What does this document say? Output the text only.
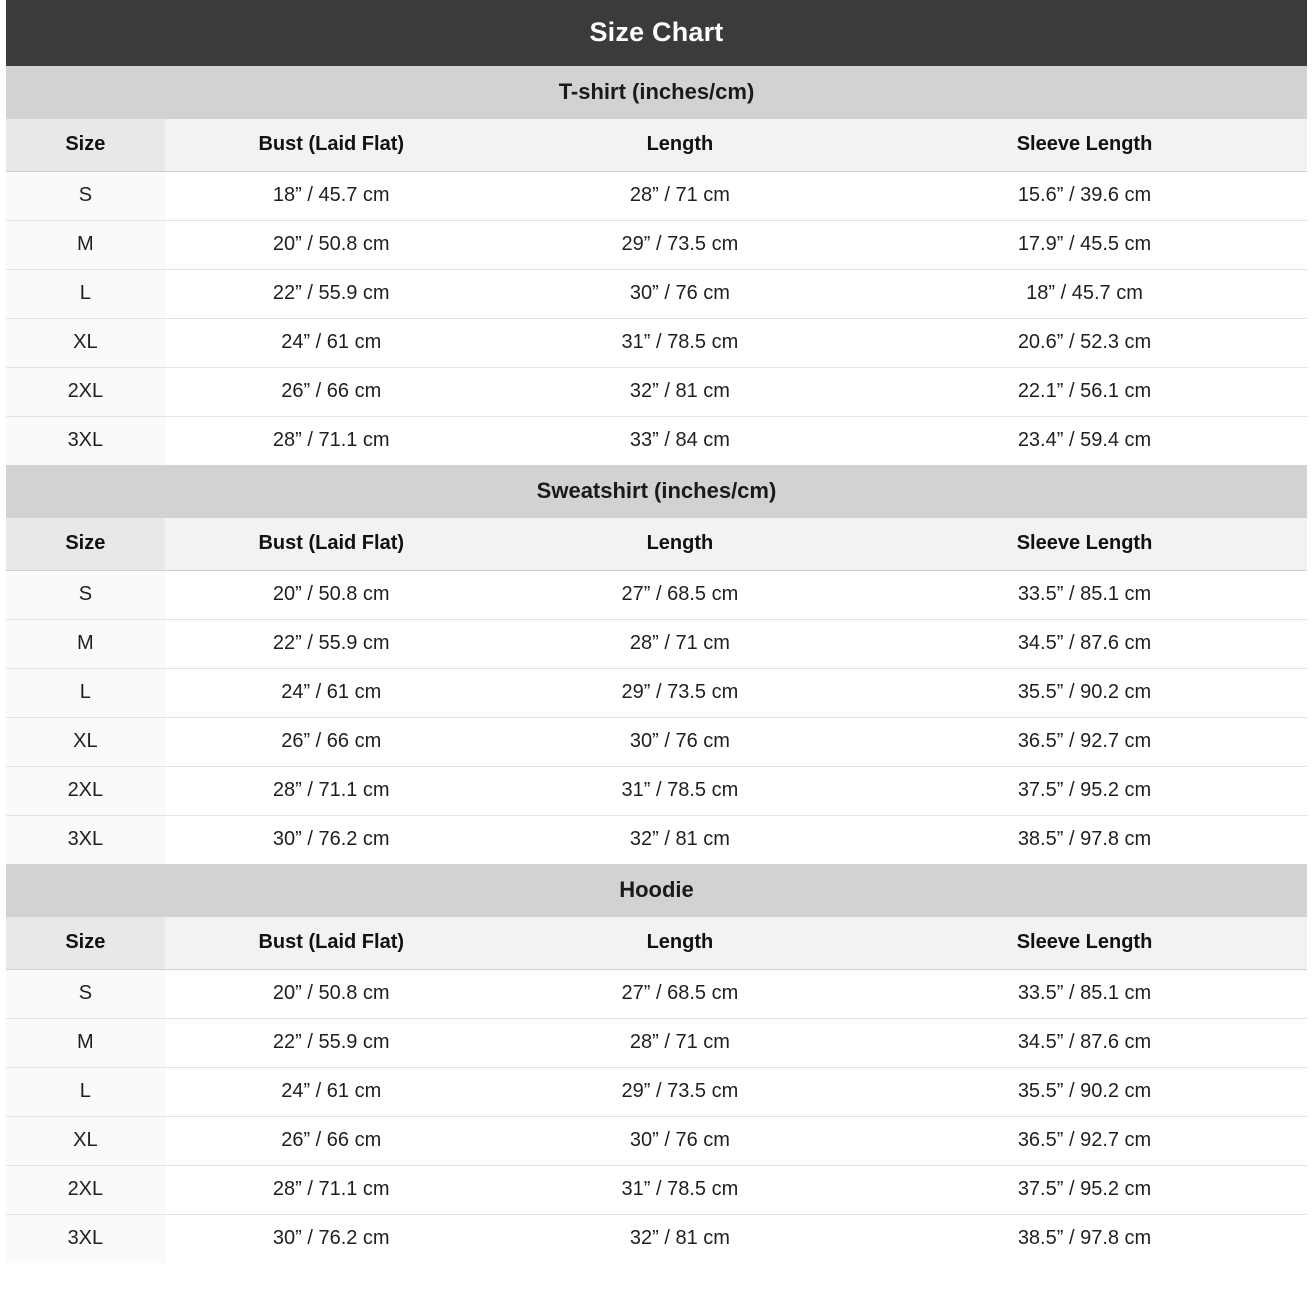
Size Chart
T-shirt (inches/cm)
Size	Bust (Laid Flat)	Length	Sleeve Length
S	18” / 45.7 cm	28” / 71 cm	15.6” / 39.6 cm
M	20” / 50.8 cm	29” / 73.5 cm	17.9” / 45.5 cm
L	22” / 55.9 cm	30” / 76 cm	18” / 45.7 cm
XL	24” / 61 cm	31” / 78.5 cm	20.6” / 52.3 cm
2XL	26” / 66 cm	32” / 81 cm	22.1” / 56.1 cm
3XL	28” / 71.1 cm	33” / 84 cm	23.4” / 59.4 cm
Sweatshirt (inches/cm)
Size	Bust (Laid Flat)	Length	Sleeve Length
S	20” / 50.8 cm	27” / 68.5 cm	33.5” / 85.1 cm
M	22” / 55.9 cm	28” / 71 cm	34.5” / 87.6 cm
L	24” / 61 cm	29” / 73.5 cm	35.5” / 90.2 cm
XL	26” / 66 cm	30” / 76 cm	36.5” / 92.7 cm
2XL	28” / 71.1 cm	31” / 78.5 cm	37.5” / 95.2 cm
3XL	30” / 76.2 cm	32” / 81 cm	38.5” / 97.8 cm
Hoodie
Size	Bust (Laid Flat)	Length	Sleeve Length
S	20” / 50.8 cm	27” / 68.5 cm	33.5” / 85.1 cm
M	22” / 55.9 cm	28” / 71 cm	34.5” / 87.6 cm
L	24” / 61 cm	29” / 73.5 cm	35.5” / 90.2 cm
XL	26” / 66 cm	30” / 76 cm	36.5” / 92.7 cm
2XL	28” / 71.1 cm	31” / 78.5 cm	37.5” / 95.2 cm
3XL	30” / 76.2 cm	32” / 81 cm	38.5” / 97.8 cm
